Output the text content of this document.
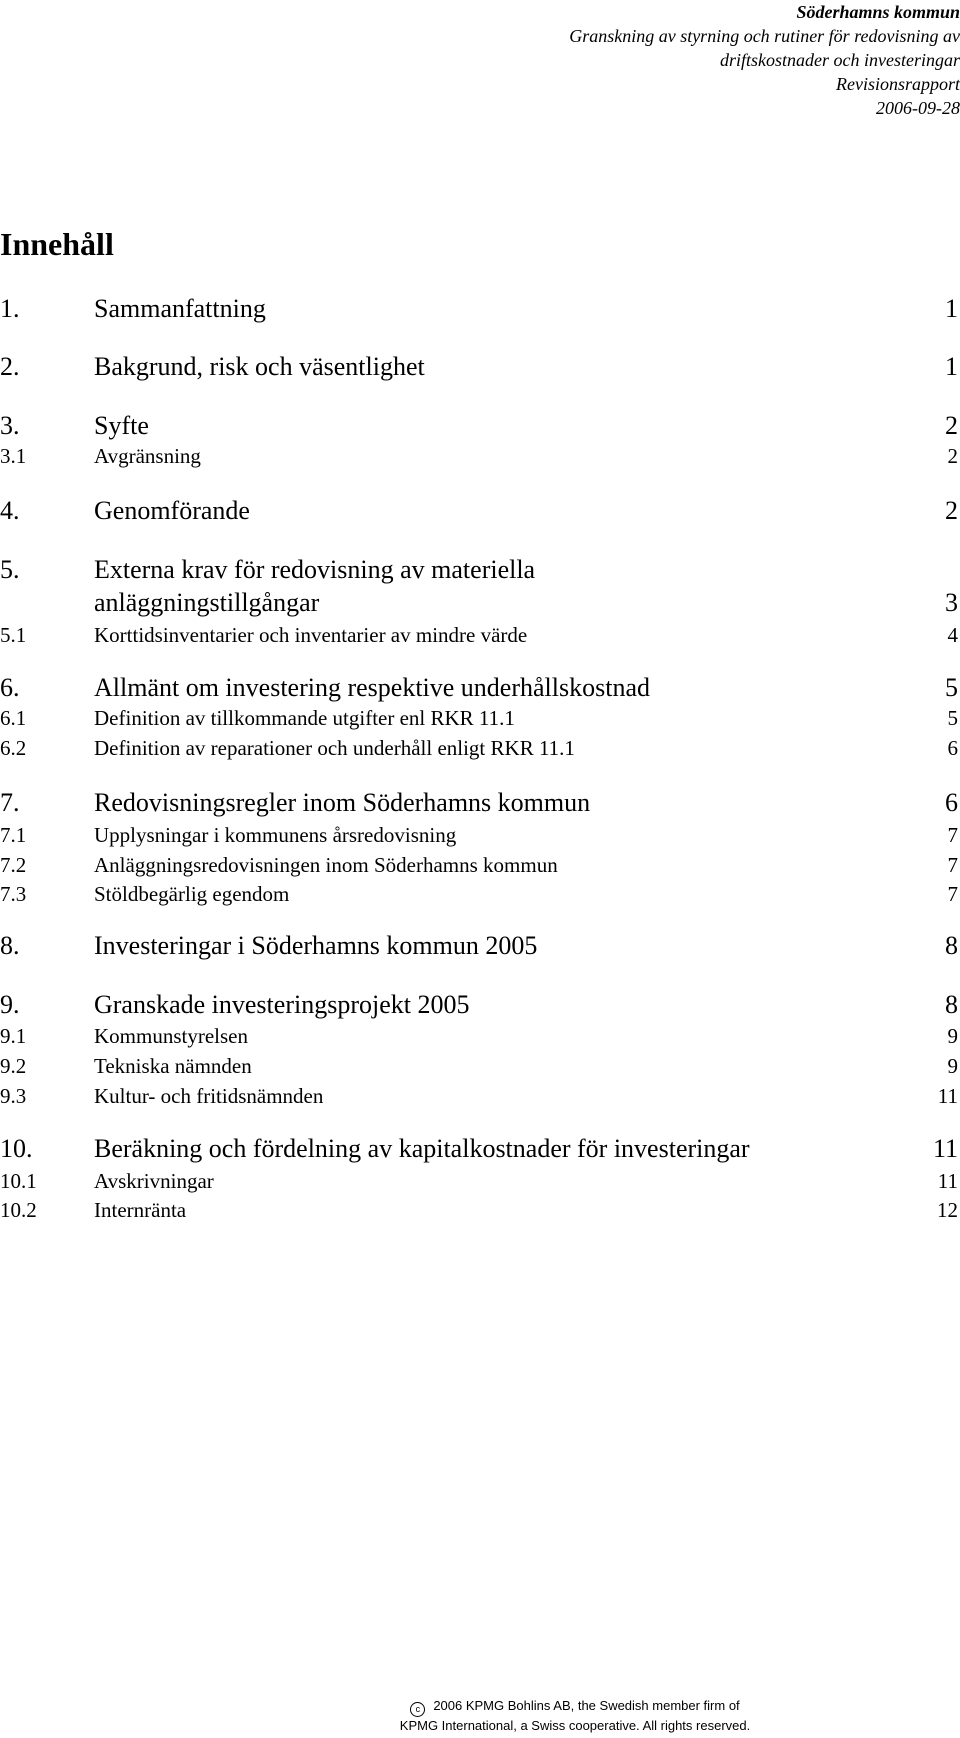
Söderhamns kommun
Granskning av styrning och rutiner för redovisning av
driftskostnader och investeringar
Revisionsrapport
2006-09-28
Innehåll
1.	Sammanfattning	1
2.	Bakgrund, risk och väsentlighet	1
3.	Syfte	2
3.1	Avgränsning	2
4.	Genomförande	2
5.	Externa krav för redovisning av materiella
anläggningstillgångar	3
5.1	Korttidsinventarier och inventarier av mindre värde	4
6.	Allmänt om investering respektive underhållskostnad	5
6.1	Definition av tillkommande utgifter enl RKR 11.1	5
6.2	Definition av reparationer och underhåll enligt RKR 11.1	6
7.	Redovisningsregler inom Söderhamns kommun	6
7.1	Upplysningar i kommunens årsredovisning	7
7.2	Anläggningsredovisningen inom Söderhamns kommun	7
7.3	Stöldbegärlig egendom	7
8.	Investeringar i Söderhamns kommun 2005	8
9.	Granskade investeringsprojekt 2005	8
9.1	Kommunstyrelsen	9
9.2	Tekniska nämnden	9
9.3	Kultur- och fritidsnämnden	11
10. Beräkning och fördelning av kapitalkostnader för investeringar	11
10.1	Avskrivningar	11
10.2	Internränta	12
c 2006 KPMG Bohlins AB, the Swedish member firm of
KPMG International, a Swiss cooperative. All rights reserved.
